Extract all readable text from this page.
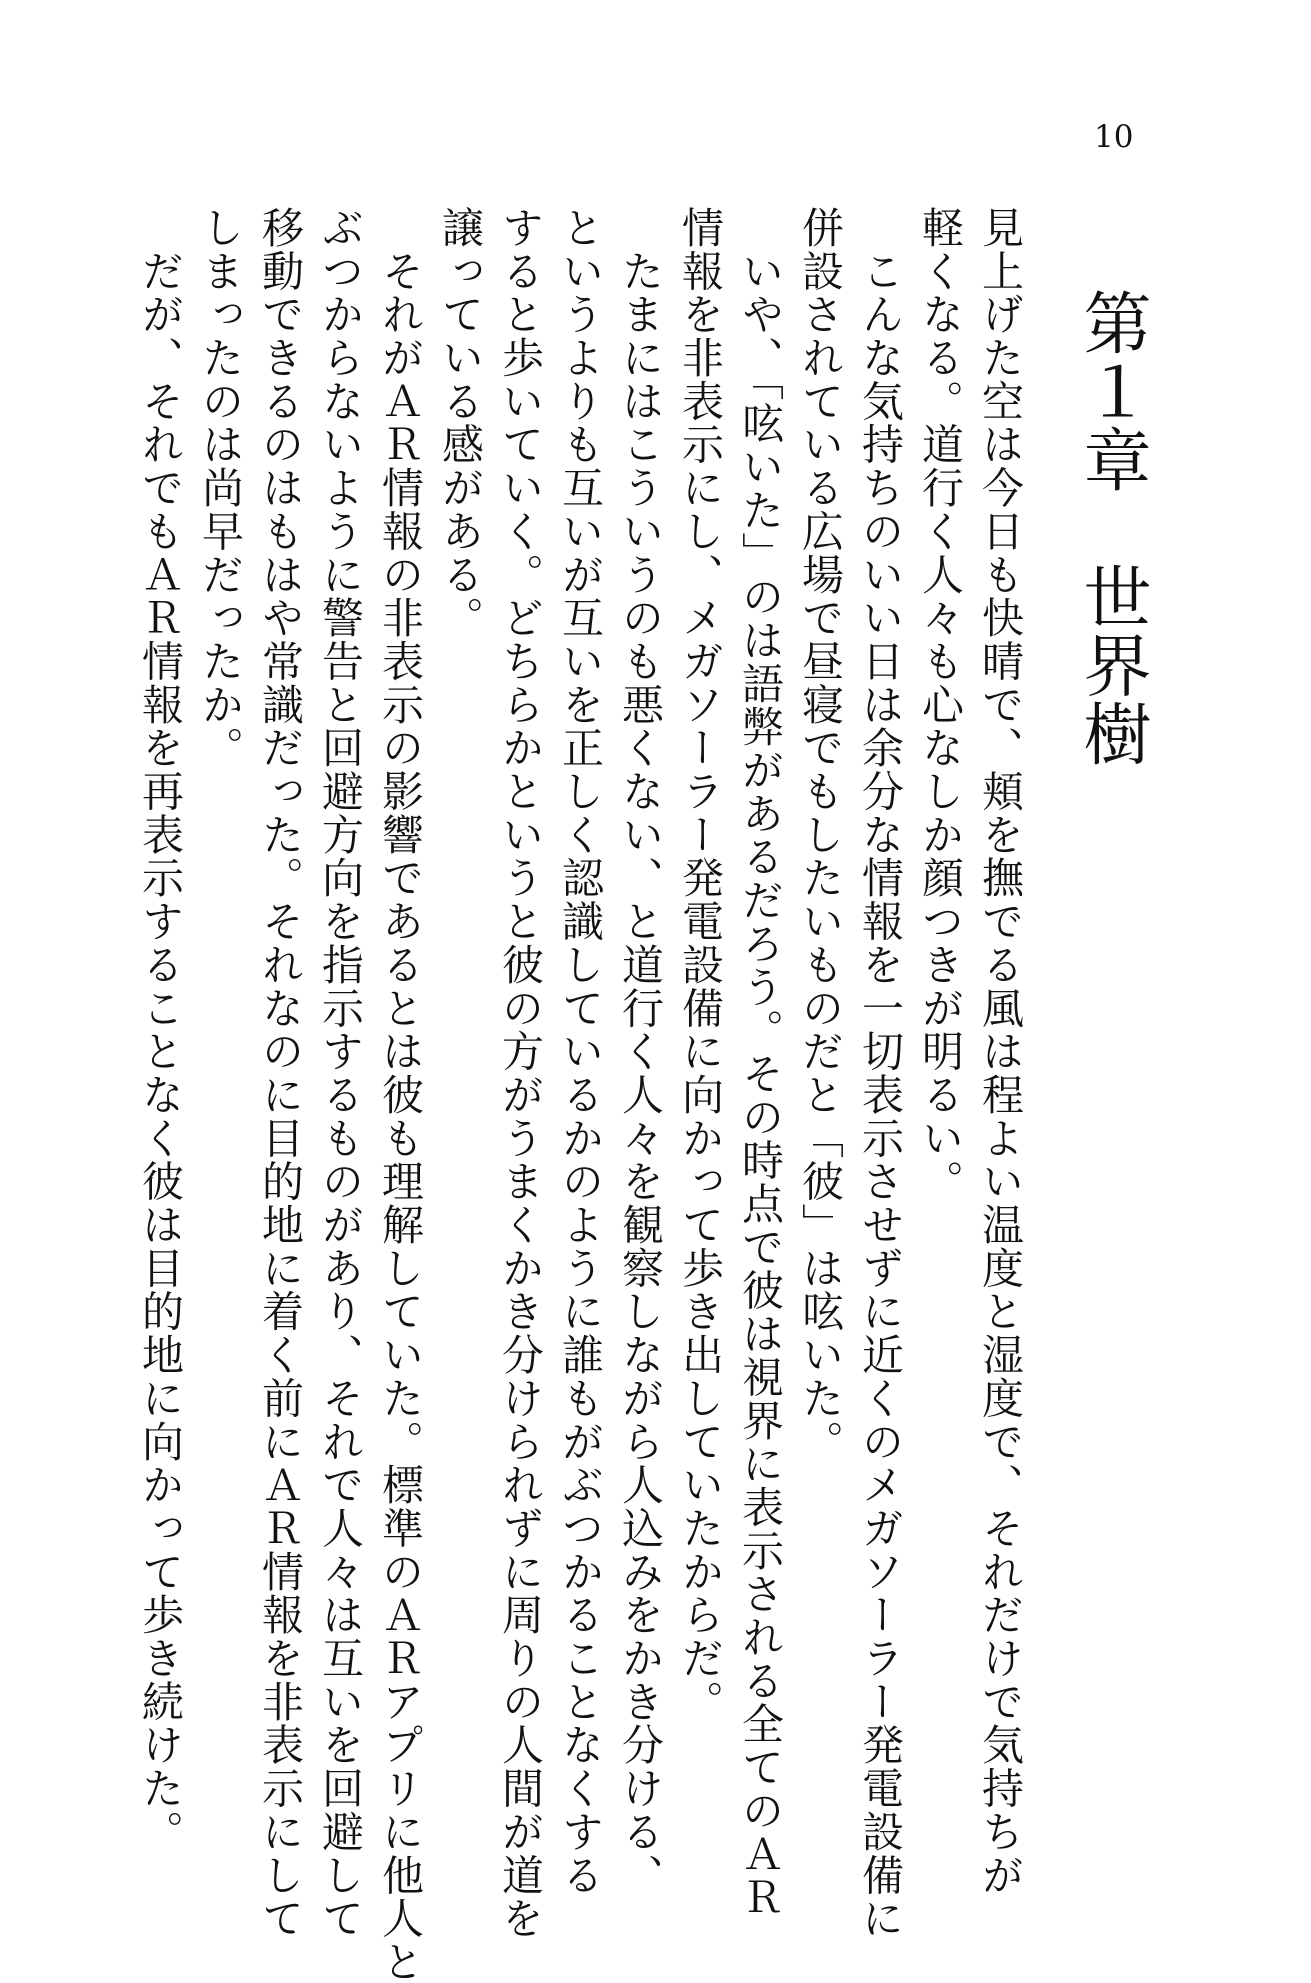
10
第１章　世界樹

見上げた空は今日も快晴で、頬を撫でる風は程よい温度と湿度で、それだけで気持ちが
軽くなる。道行く人々も心なしか顔つきが明るい。

　こんな気持ちのいい日は余分な情報を一切表示させずに近くのメガソーラー発電設備に
併設されている広場で昼寝でもしたいものだと「彼」は呟いた。

　いや、「呟いた」のは語弊があるだろう。その時点で彼は視界に表示される全てのＡＲ
情報を非表示にし、メガソーラー発電設備に向かって歩き出していたからだ。

　たまにはこういうのも悪くない、と道行く人々を観察しながら人込みをかき分ける、
というよりも互いが互いを正しく認識しているかのように誰もがぶつかることなくする
すると歩いていく。どちらかというと彼の方がうまくかき分けられずに周りの人間が道を
譲っている感がある。

　それがＡＲ情報の非表示の影響であるとは彼も理解していた。標準のＡＲアプリに他人と
ぶつからないように警告と回避方向を指示するものがあり、それで人々は互いを回避して
移動できるのはもはや常識だった。それなのに目的地に着く前にＡＲ情報を非表示にして
しまったのは尚早だったか。

　だが、それでもＡＲ情報を再表示することなく彼は目的地に向かって歩き続けた。
